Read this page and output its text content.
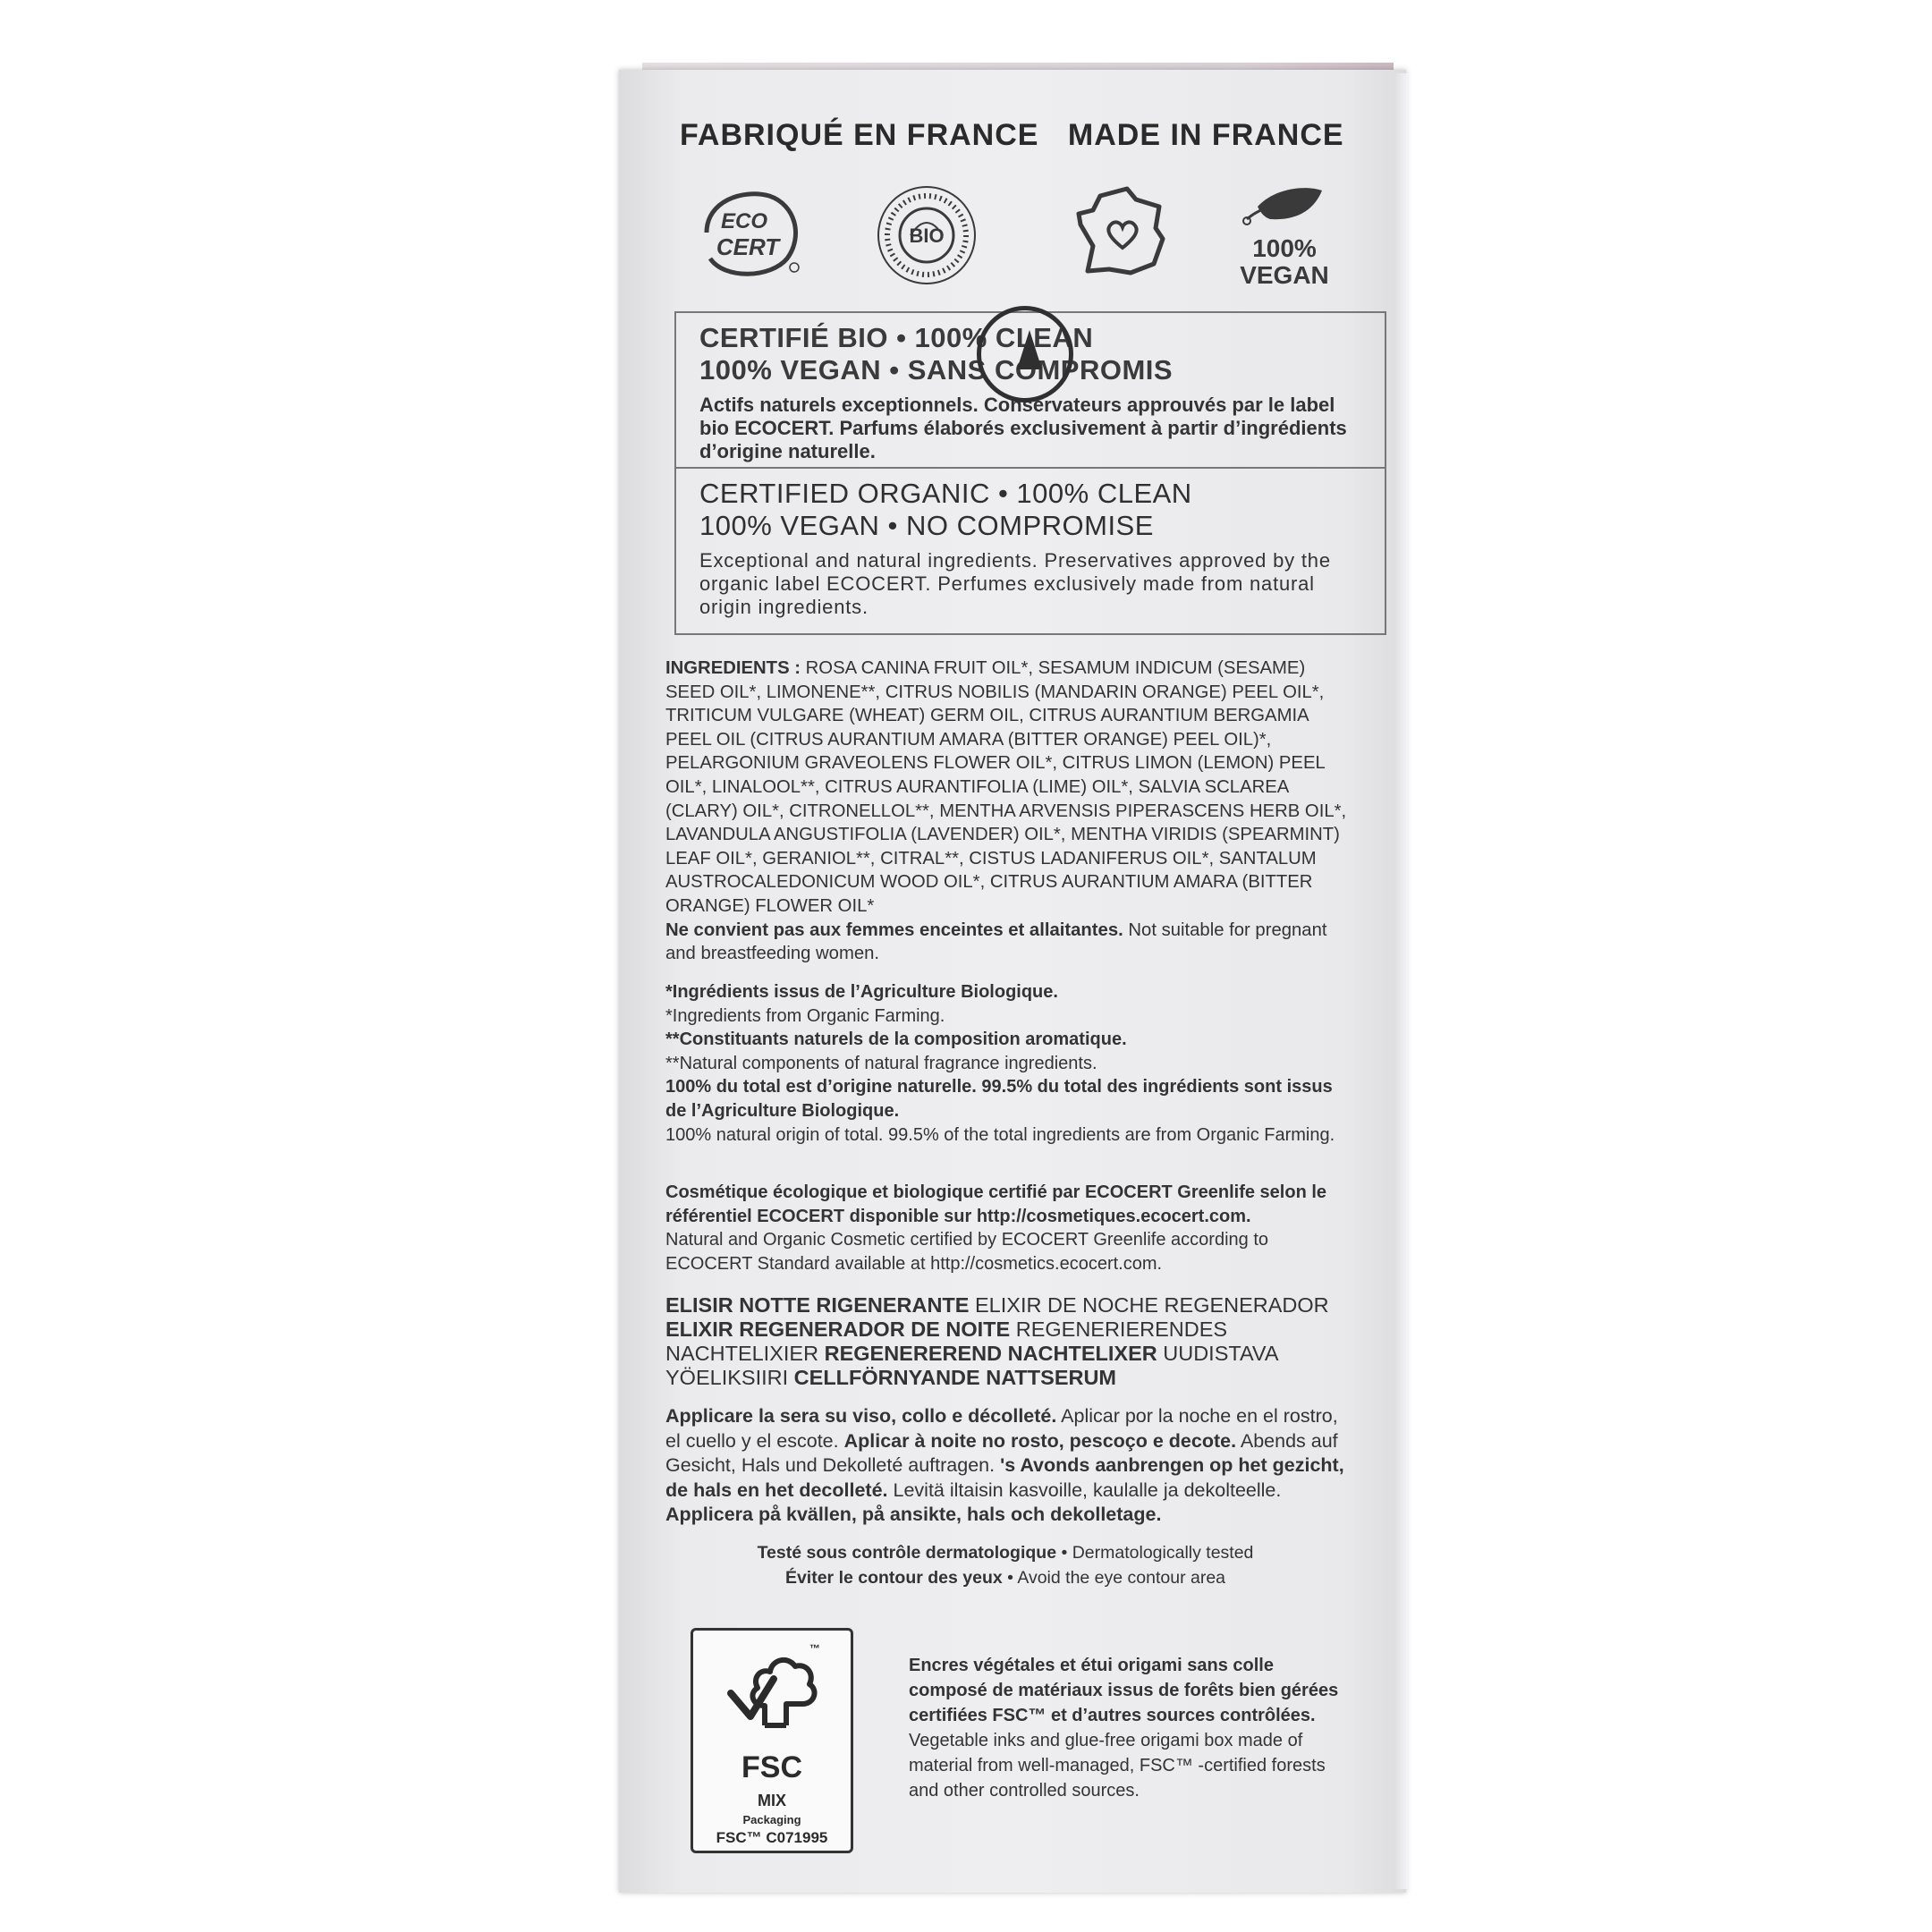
FABRIQUÉ EN FRANCE MADE IN FRANCE
ECO
CERT	BIO	100%
VEGAN
CERTIFIÉ BIO • 100% CLEAN
100% VEGAN • SANS COMPROMIS
Actifs naturels exceptionnels. Conservateurs approuvés par le label bio ECOCERT. Parfums élaborés exclusivement à partir d’ingrédients d’origine naturelle.
CERTIFIED ORGANIC • 100% CLEAN
100% VEGAN • NO COMPROMISE
Exceptional and natural ingredients. Preservatives approved by the organic label ECOCERT. Perfumes exclusively made from natural origin ingredients.
INGREDIENTS : ROSA CANINA FRUIT OIL*, SESAMUM INDICUM (SESAME) SEED OIL*, LIMONENE**, CITRUS NOBILIS (MANDARIN ORANGE) PEEL OIL*, TRITICUM VULGARE (WHEAT) GERM OIL, CITRUS AURANTIUM BERGAMIA PEEL OIL (CITRUS AURANTIUM AMARA (BITTER ORANGE) PEEL OIL)*, PELARGONIUM GRAVEOLENS FLOWER OIL*, CITRUS LIMON (LEMON) PEEL OIL*, LINALOOL**, CITRUS AURANTIFOLIA (LIME) OIL*, SALVIA SCLAREA (CLARY) OIL*, CITRONELLOL**, MENTHA ARVENSIS PIPERASCENS HERB OIL*, LAVANDULA ANGUSTIFOLIA (LAVENDER) OIL*, MENTHA VIRIDIS (SPEARMINT) LEAF OIL*, GERANIOL**, CITRAL**, CISTUS LADANIFERUS OIL*, SANTALUM AUSTROCALEDONICUM WOOD OIL*, CITRUS AURANTIUM AMARA (BITTER ORANGE) FLOWER OIL*
Ne convient pas aux femmes enceintes et allaitantes. Not suitable for pregnant and breastfeeding women.
*Ingrédients issus de l’Agriculture Biologique.
*Ingredients from Organic Farming.
**Constituants naturels de la composition aromatique.
**Natural components of natural fragrance ingredients.
100% du total est d’origine naturelle. 99.5% du total des ingrédients sont issus de l’Agriculture Biologique.
100% natural origin of total. 99.5% of the total ingredients are from Organic Farming.
Cosmétique écologique et biologique certifié par ECOCERT Greenlife selon le référentiel ECOCERT disponible sur http://cosmetiques.ecocert.com.
Natural and Organic Cosmetic certified by ECOCERT Greenlife according to ECOCERT Standard available at http://cosmetics.ecocert.com.
ELISIR NOTTE RIGENERANTE ELIXIR DE NOCHE REGENERADOR ELIXIR REGENERADOR DE NOITE REGENERIERENDES NACHTELIXIER REGENEREREND NACHTELIXER UUDISTAVA YÖELIKSIIRI CELLFÖRNYANDE NATTSERUM
Applicare la sera su viso, collo e décolleté. Aplicar por la noche en el rostro, el cuello y el escote. Aplicar à noite no rosto, pescoço e decote. Abends auf Gesicht, Hals und Dekolleté auftragen. 's Avonds aanbrengen op het gezicht, de hals en het decolleté. Levitä iltaisin kasvoille, kaulalle ja dekolteelle. Applicera på kvällen, på ansikte, hals och dekolletage.
Testé sous contrôle dermatologique • Dermatologically tested
Éviter le contour des yeux • Avoid the eye contour area
™
FSC
MIX
Packaging
FSC™ C071995
Encres végétales et étui origami sans colle composé de matériaux issus de forêts bien gérées certifiées FSC™ et d’autres sources contrôlées.
Vegetable inks and glue-free origami box made of material from well-managed, FSC™ -certified forests and other controlled sources.
